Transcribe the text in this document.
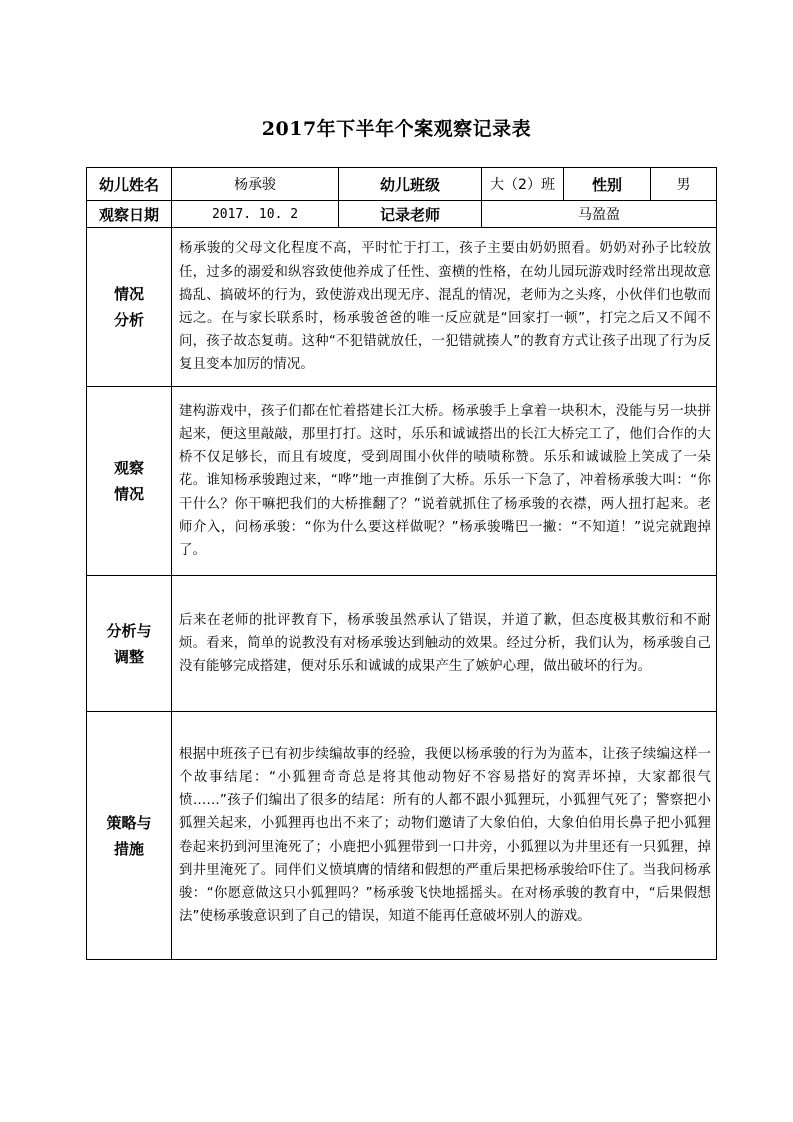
2017年下半年个案观察记录表
幼儿姓名	杨承骏	幼儿班级	大（2）班	性别	男
观察日期	2017. 10. 2	记录老师	马盈盈		

情况
分析	杨承骏的父母文化程度不高，平时忙于打工，孩子主要由奶奶照看。奶奶对孙子比较放任，过多的溺爱和纵容致使他养成了任性、蛮横的性格，在幼儿园玩游戏时经常出现故意捣乱、搞破坏的行为，致使游戏出现无序、混乱的情况，老师为之头疼，小伙伴们也敬而远之。在与家长联系时，杨承骏爸爸的唯一反应就是“回家打一顿”，打完之后又不闻不问，孩子故态复萌。这种“不犯错就放任，一犯错就揍人”的教育方式让孩子出现了行为反复且变本加厉的情况。				

观察
情况	建构游戏中，孩子们都在忙着搭建长江大桥。杨承骏手上拿着一块积木，没能与另一块拼起来，便这里敲敲，那里打打。这时，乐乐和诚诚搭出的长江大桥完工了，他们合作的大桥不仅足够长，而且有坡度，受到周围小伙伴的啧啧称赞。乐乐和诚诚脸上笑成了一朵花。谁知杨承骏跑过来，“哗”地一声推倒了大桥。乐乐一下急了，冲着杨承骏大叫：“你干什么？你干嘛把我们的大桥推翻了？”说着就抓住了杨承骏的衣襟，两人扭打起来。老师介入，问杨承骏：“你为什么要这样做呢？”杨承骏嘴巴一撇：“不知道！”说完就跑掉了。				

分析与
调整	后来在老师的批评教育下，杨承骏虽然承认了错误，并道了歉，但态度极其敷衍和不耐烦。看来，简单的说教没有对杨承骏达到触动的效果。经过分析，我们认为，杨承骏自己没有能够完成搭建，便对乐乐和诚诚的成果产生了嫉妒心理，做出破坏的行为。				

策略与
措施	根据中班孩子已有初步续编故事的经验，我便以杨承骏的行为为蓝本，让孩子续编这样一个故事结尾：“小狐狸奇奇总是将其他动物好不容易搭好的窝弄坏掉，大家都很气愤……”孩子们编出了很多的结尾：所有的人都不跟小狐狸玩，小狐狸气死了；警察把小狐狸关起来，小狐狸再也出不来了；动物们邀请了大象伯伯，大象伯伯用长鼻子把小狐狸卷起来扔到河里淹死了；小鹿把小狐狸带到一口井旁，小狐狸以为井里还有一只狐狸，掉到井里淹死了。同伴们义愤填膺的情绪和假想的严重后果把杨承骏给吓住了。当我问杨承骏：“你愿意做这只小狐狸吗？”杨承骏飞快地摇摇头。在对杨承骏的教育中，“后果假想法”使杨承骏意识到了自己的错误，知道不能再任意破坏别人的游戏。				
